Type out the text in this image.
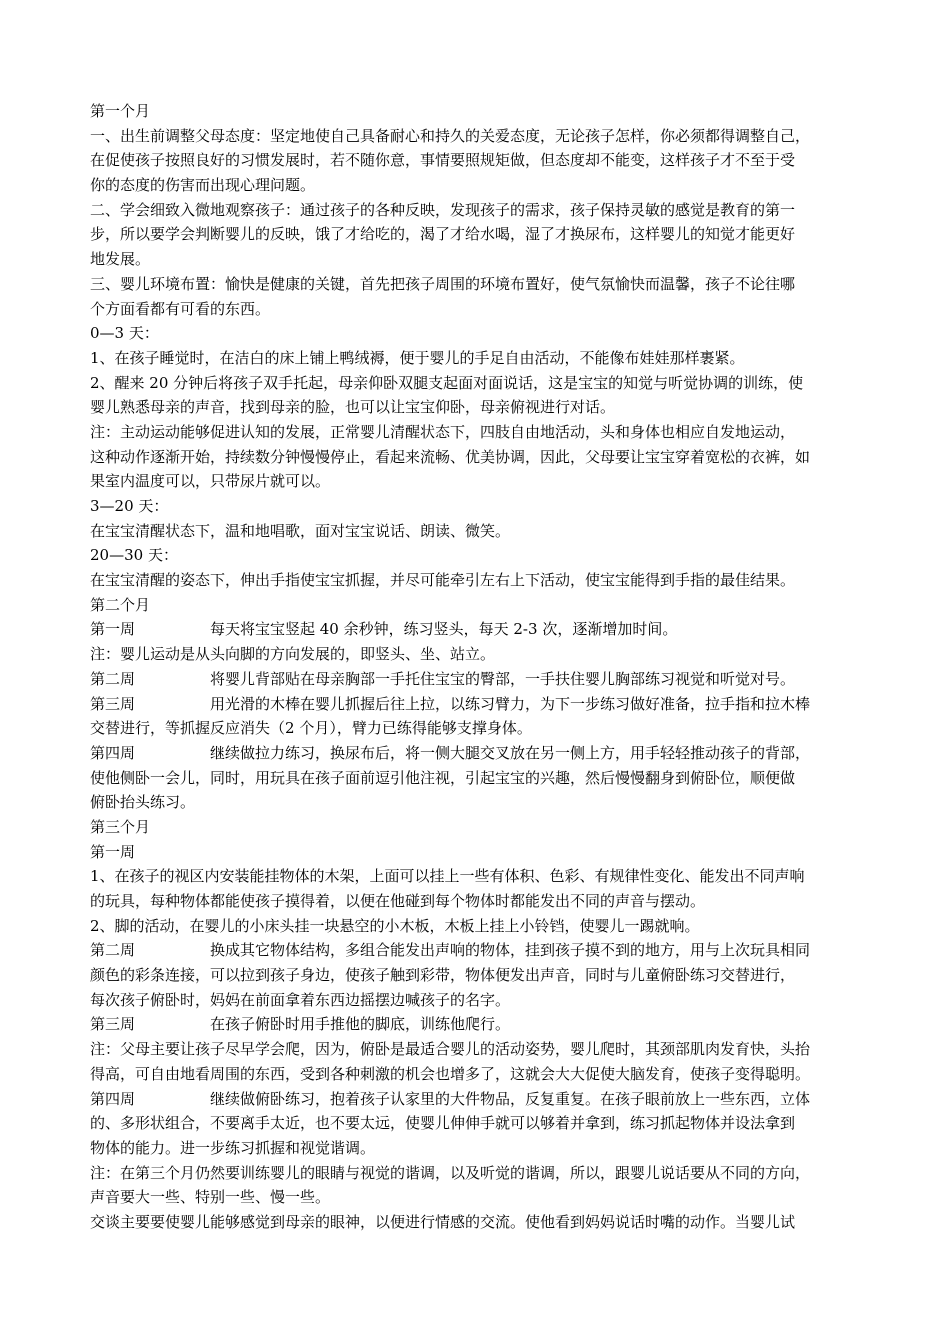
第一个月
一、出生前调整父母态度：坚定地使自己具备耐心和持久的关爱态度，无论孩子怎样，你必须都得调整自己，
在促使孩子按照良好的习惯发展时，若不随你意，事情要照规矩做，但态度却不能变，这样孩子才不至于受
你的态度的伤害而出现心理问题。
二、学会细致入微地观察孩子：通过孩子的各种反映，发现孩子的需求，孩子保持灵敏的感觉是教育的第一
步，所以要学会判断婴儿的反映，饿了才给吃的，渴了才给水喝，湿了才换尿布，这样婴儿的知觉才能更好
地发展。
三、婴儿环境布置：愉快是健康的关键，首先把孩子周围的环境布置好，使气氛愉快而温馨，孩子不论往哪
个方面看都有可看的东西。
0—3 天：
1、在孩子睡觉时，在洁白的床上铺上鸭绒褥，便于婴儿的手足自由活动，不能像布娃娃那样裹紧。
2、醒来 20 分钟后将孩子双手托起，母亲仰卧双腿支起面对面说话，这是宝宝的知觉与听觉协调的训练，使
婴儿熟悉母亲的声音，找到母亲的脸，也可以让宝宝仰卧，母亲俯视进行对话。
注：主动运动能够促进认知的发展，正常婴儿清醒状态下，四肢自由地活动，头和身体也相应自发地运动，
这种动作逐渐开始，持续数分钟慢慢停止，看起来流畅、优美协调，因此，父母要让宝宝穿着宽松的衣裤，如
果室内温度可以，只带尿片就可以。
3—20 天：
在宝宝清醒状态下，温和地唱歌，面对宝宝说话、朗读、微笑。
20—30 天：
在宝宝清醒的姿态下，伸出手指使宝宝抓握，并尽可能牵引左右上下活动，使宝宝能得到手指的最佳结果。
第二个月
第一周	每天将宝宝竖起 40 余秒钟，练习竖头，每天 2-3 次，逐渐增加时间。
注：婴儿运动是从头向脚的方向发展的，即竖头、坐、站立。
第二周	将婴儿背部贴在母亲胸部一手托住宝宝的臀部，一手扶住婴儿胸部练习视觉和听觉对号。
第三周	用光滑的木棒在婴儿抓握后往上拉，以练习臂力，为下一步练习做好准备，拉手指和拉木棒
交替进行，等抓握反应消失（2 个月），臂力已练得能够支撑身体。
第四周	继续做拉力练习，换尿布后，将一侧大腿交叉放在另一侧上方，用手轻轻推动孩子的背部，
使他侧卧一会儿，同时，用玩具在孩子面前逗引他注视，引起宝宝的兴趣，然后慢慢翻身到俯卧位，顺便做
俯卧抬头练习。
第三个月
第一周
1、在孩子的视区内安装能挂物体的木架，上面可以挂上一些有体积、色彩、有规律性变化、能发出不同声响
的玩具，每种物体都能使孩子摸得着，以便在他碰到每个物体时都能发出不同的声音与摆动。
2、脚的活动，在婴儿的小床头挂一块悬空的小木板，木板上挂上小铃铛，使婴儿一踢就响。
第二周	换成其它物体结构，多组合能发出声响的物体，挂到孩子摸不到的地方，用与上次玩具相同
颜色的彩条连接，可以拉到孩子身边，使孩子触到彩带，物体便发出声音，同时与儿童俯卧练习交替进行，
每次孩子俯卧时，妈妈在前面拿着东西边摇摆边喊孩子的名字。
第三周	在孩子俯卧时用手推他的脚底，训练他爬行。
注：父母主要让孩子尽早学会爬，因为，俯卧是最适合婴儿的活动姿势，婴儿爬时，其颈部肌肉发育快，头抬
得高，可自由地看周围的东西，受到各种刺激的机会也增多了，这就会大大促使大脑发育，使孩子变得聪明。
第四周	继续做俯卧练习，抱着孩子认家里的大件物品，反复重复。在孩子眼前放上一些东西，立体
的、多形状组合，不要离手太近，也不要太远，使婴儿伸伸手就可以够着并拿到，练习抓起物体并设法拿到
物体的能力。进一步练习抓握和视觉谐调。
注：在第三个月仍然要训练婴儿的眼睛与视觉的谐调，以及听觉的谐调，所以，跟婴儿说话要从不同的方向，
声音要大一些、特别一些、慢一些。
交谈主要要使婴儿能够感觉到母亲的眼神，以便进行情感的交流。使他看到妈妈说话时嘴的动作。当婴儿试
